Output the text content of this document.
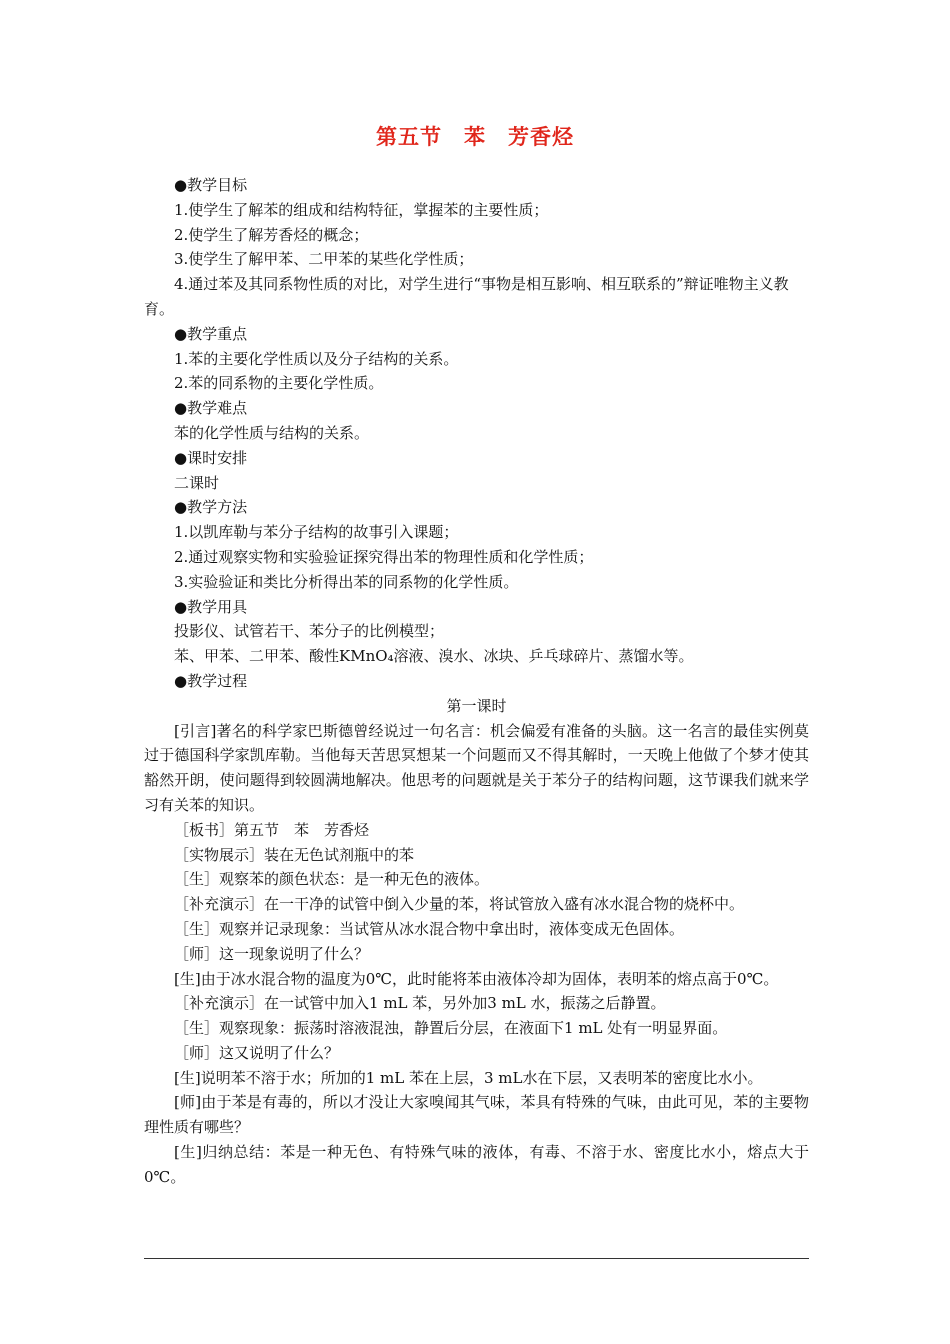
第五节　苯　芳香烃

●教学目标

1.使学生了解苯的组成和结构特征，掌握苯的主要性质；

2.使学生了解芳香烃的概念；

3.使学生了解甲苯、二甲苯的某些化学性质；

4.通过苯及其同系物性质的对比，对学生进行“事物是相互影响、相互联系的”辩证唯物主义教育。

●教学重点

1.苯的主要化学性质以及分子结构的关系。

2.苯的同系物的主要化学性质。

●教学难点

苯的化学性质与结构的关系。

●课时安排

二课时

●教学方法

1.以凯库勒与苯分子结构的故事引入课题；

2.通过观察实物和实验验证探究得出苯的物理性质和化学性质；

3.实验验证和类比分析得出苯的同系物的化学性质。

●教学用具

投影仪、试管若干、苯分子的比例模型；

苯、甲苯、二甲苯、酸性KMnO₄溶液、溴水、冰块、乒乓球碎片、蒸馏水等。

●教学过程

第一课时

[引言]著名的科学家巴斯德曾经说过一句名言：机会偏爱有准备的头脑。这一名言的最佳实例莫过于德国科学家凯库勒。当他每天苦思冥想某一个问题而又不得其解时，一天晚上他做了个梦才使其豁然开朗，使问题得到较圆满地解决。他思考的问题就是关于苯分子的结构问题，这节课我们就来学习有关苯的知识。

［板书］第五节　苯　芳香烃

［实物展示］装在无色试剂瓶中的苯

［生］观察苯的颜色状态：是一种无色的液体。

［补充演示］在一干净的试管中倒入少量的苯，将试管放入盛有冰水混合物的烧杯中。

［生］观察并记录现象：当试管从冰水混合物中拿出时，液体变成无色固体。

［师］这一现象说明了什么？

[生]由于冰水混合物的温度为0℃，此时能将苯由液体冷却为固体，表明苯的熔点高于0℃。

［补充演示］在一试管中加入1 mL 苯，另外加3 mL 水，振荡之后静置。

［生］观察现象：振荡时溶液混浊，静置后分层，在液面下1 mL 处有一明显界面。

［师］这又说明了什么？

[生]说明苯不溶于水；所加的1 mL 苯在上层，3 mL水在下层，又表明苯的密度比水小。

[师]由于苯是有毒的，所以才没让大家嗅闻其气味，苯具有特殊的气味，由此可见，苯的主要物理性质有哪些？

[生]归纳总结：苯是一种无色、有特殊气味的液体，有毒、不溶于水、密度比水小，熔点大于0℃。
